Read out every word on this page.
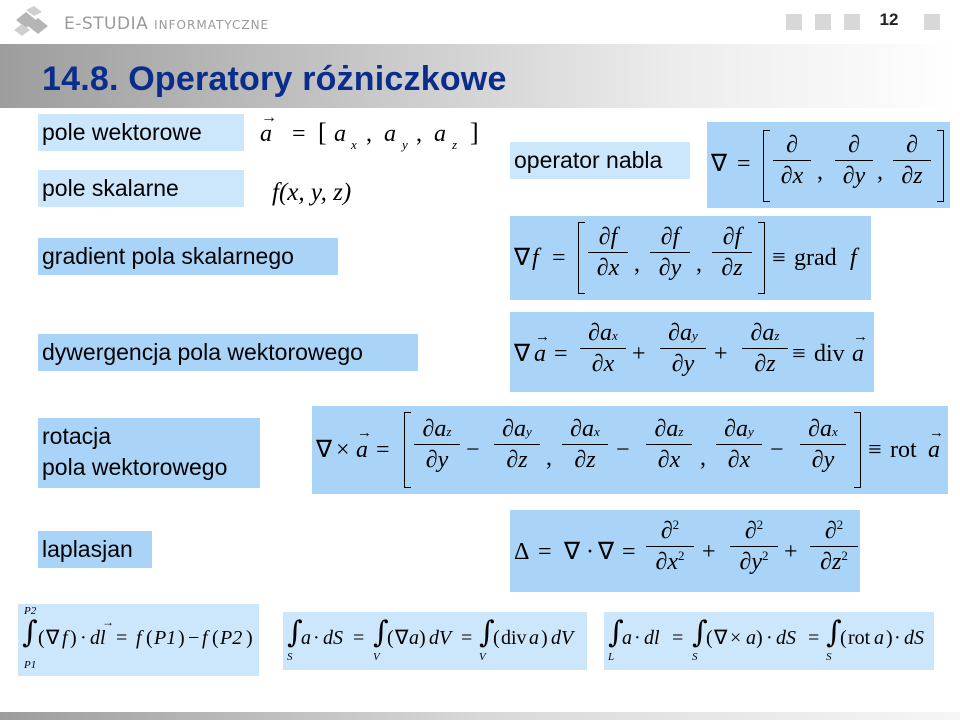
E-STUDIA INFORMATYCZNE	12
14.8. Operatory różniczkowe
pole wektorowe
pole skalarne
operator nabla
gradient pola skalarnego
dywergencja pola wektorowego
rotacja
pola wektorowego
laplasjan
a
→
= [ a x , a y , a z ]
f(x, y, z)
∇ =
∂
∂x ,
∂
∂y ,
∂
∂z
∇ $f = \frac{\partial f}{\partial x}$ , $\frac{\partial f}{\partial y}$ , $\frac{\partial f}{\partial z}$ ≡ grad f
∇ a
→
= $\frac{\partial ax}{\partial x} + \frac{\partial ay}{\partial y} + \frac{\partial az}{\partial z}$ ≡ div a
→
∇ × a
→
= $\frac{\partial az}{\partial y} - \frac{\partial ay}{\partial z}$ , $\frac{\partial ax}{\partial z} - \frac{\partial az}{\partial x}$ , $\frac{\partial ay}{\partial x} - \frac{\partial ax}{\partial y}$ ≡ rot a
→
Δ = ∇ · ∇ = $\frac{\partial^2}{\partial x^2} + \frac{\partial^2}{\partial y^2} + \frac{\partial^2}{\partial z^2}$
P2
∫
P1
( ∇ f ) · dl
→
= f ( P1 ) − f ( P2 ) ∫
S
a · dS = ∫
V
( ∇ a ) dV = ∫
V
( div a ) dV ∫
L
a · dl = ∫
S
( ∇ × a ) · dS = ∫
S
( rot a ) · dS
